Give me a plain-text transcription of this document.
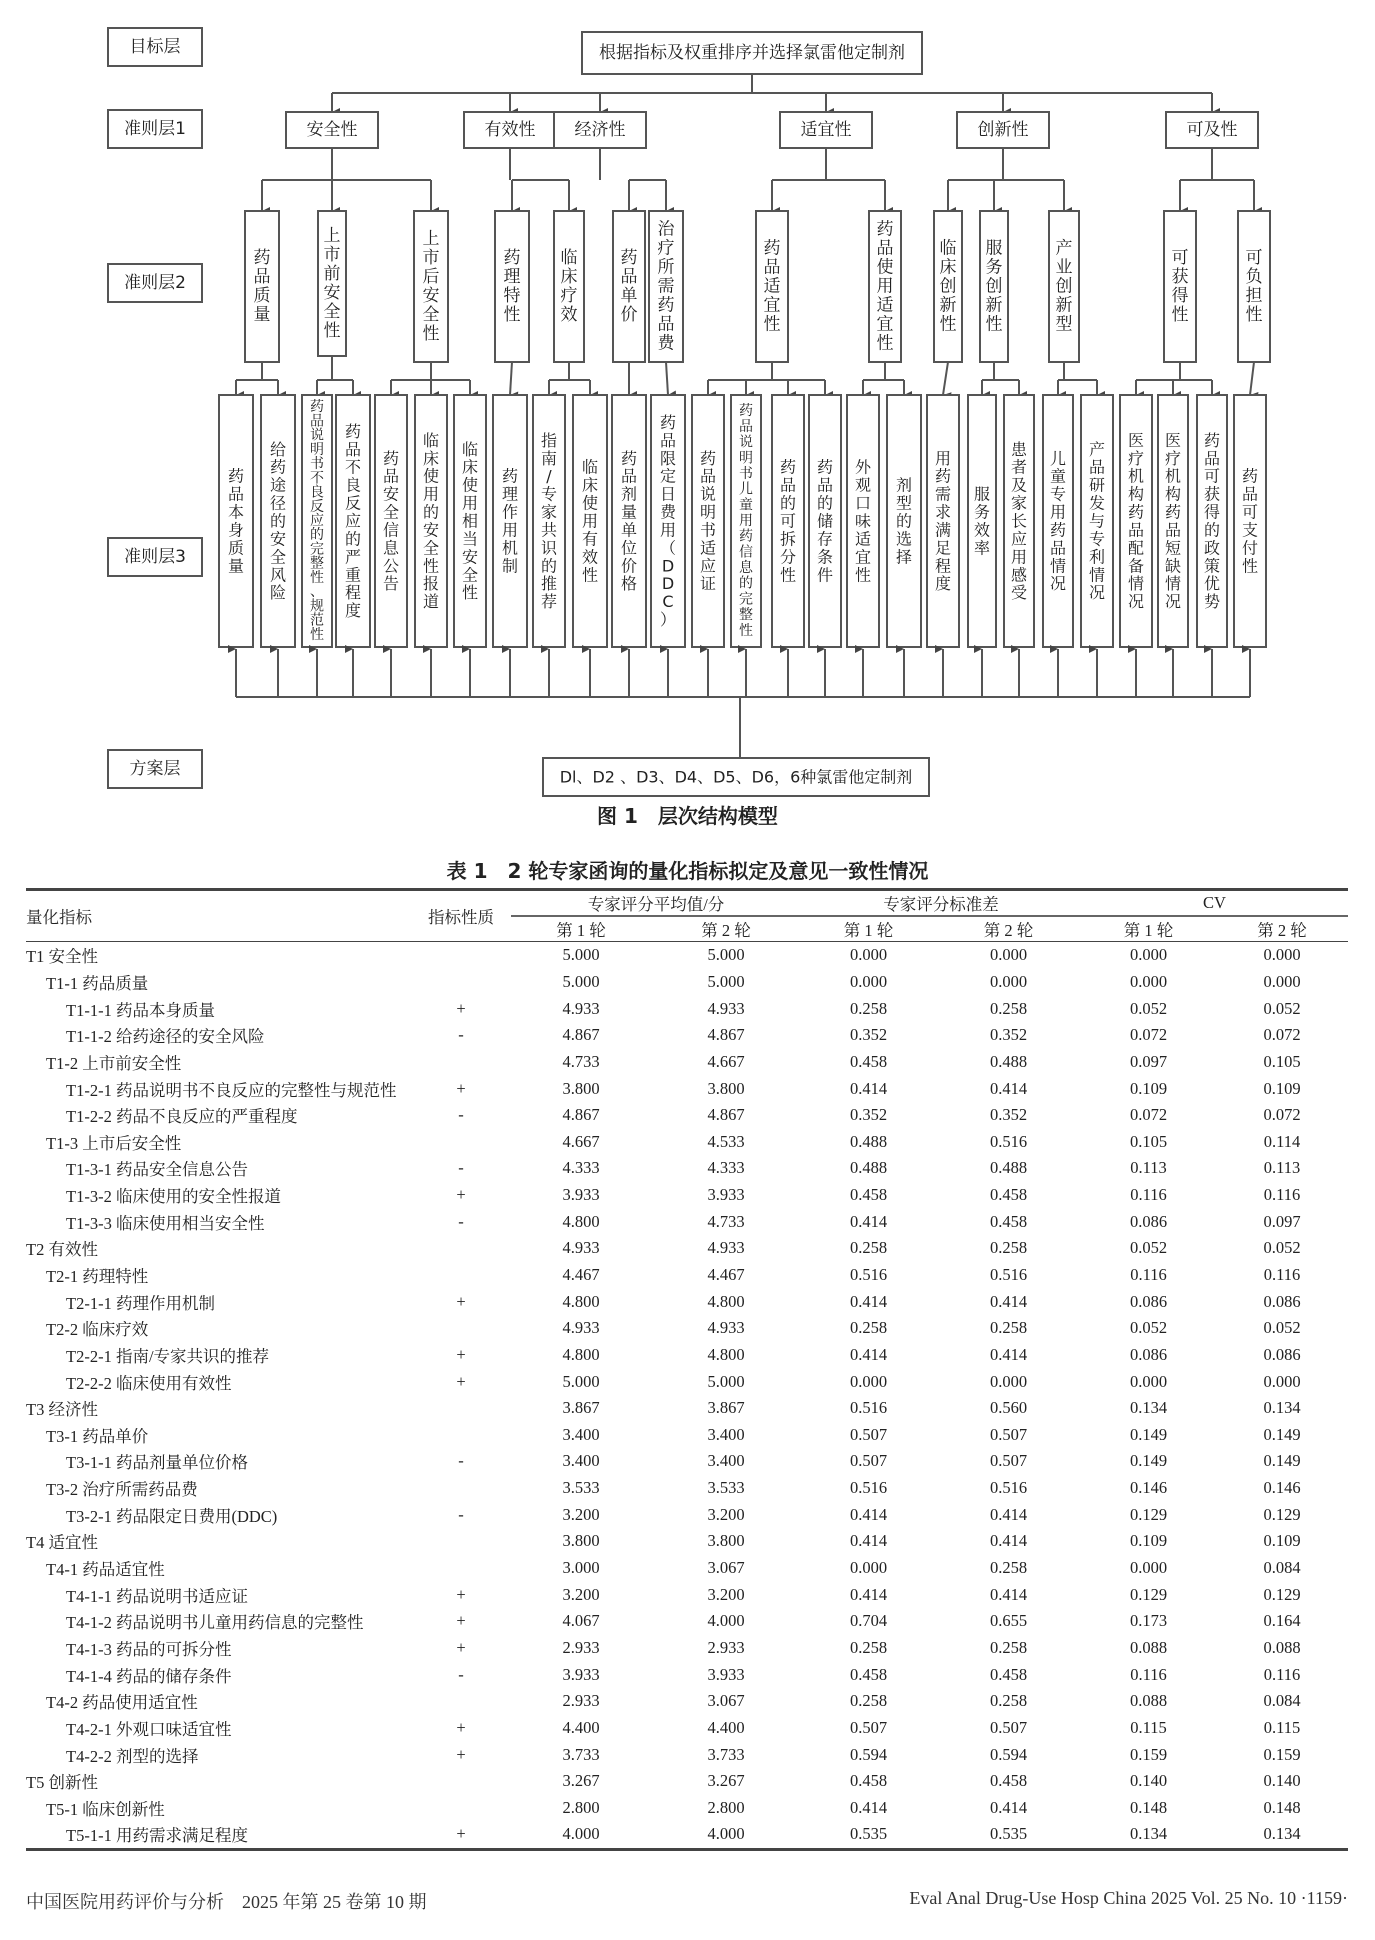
目标层
准则层1
准则层2
准则层3
方案层
根据指标及权重排序并选择氯雷他定制剂
安全性	有效性 经济性	适宜性	创新性	可及性
药
品
质
量
上
市
前
安
全
性
上
市
后
安
全
性
药
理
特
性
临
床
疗
效
药
品
单
价
治
疗
所
需
药
品
费
药
品
适
宜
性
药
品
使
用
适
宜
性
临
床
创
新
性
服
务
创
新
性
产
业
创
新
型
可
获
得
性
可
负
担
性
药
品
本
身
质
量
给
药
途
径
的
安
全
风
险
药
品
说
明
书
不
良
反
应
的
完
整
性
、
规
范
性
药
品
不
良
反
应
的
严
重
程
度
药
品
安
全
信
息
公
告
临
床
使
用
的
安
全
性
报
道
临
床
使
用
相
当
安
全
性
药
理
作
用
机
制
指
南
/
专
家
共
识
的
推
荐
临
床
使
用
有
效
性
药
品
剂
量
单
位
价
格
药
品
限
定
日
费
用
（
D
D
C
）
药
品
说
明
书
适
应
证
药
品
说
明
书
儿
童
用
药
信
息
的
完
整
性
药
品
的
可
拆
分
性
药
品
的
储
存
条
件
外
观
口
味
适
宜
性
剂
型
的
选
择
用
药
需
求
满
足
程
度
服
务
效
率
患
者
及
家
长
应
用
感
受
儿
童
专
用
药
品
情
况
产
品
研
发
与
专
利
情
况
医
疗
机
构
药
品
配
备
情
况
医
疗
机
构
药
品
短
缺
情
况
药
品
可
获
得
的
政
策
优
势
药
品
可
支
付
性
Dl、D2 、D3、D4、D5、D6，6种氯雷他定制剂
图 1　层次结构模型
表 1　2 轮专家函询的量化指标拟定及意见一致性情况
量化指标	指标性质	专家评分平均值/分		专家评分标准差		CV	
		第 1 轮	第 2 轮	第 1 轮	第 2 轮	第 1 轮	第 2 轮
T1 安全性		5.000	5.000	0.000	0.000	0.000	0.000
T1-1 药品质量		5.000	5.000	0.000	0.000	0.000	0.000
T1-1-1 药品本身质量	+	4.933	4.933	0.258	0.258	0.052	0.052
T1-1-2 给药途径的安全风险	-	4.867	4.867	0.352	0.352	0.072	0.072
T1-2 上市前安全性		4.733	4.667	0.458	0.488	0.097	0.105
T1-2-1 药品说明书不良反应的完整性与规范性	+	3.800	3.800	0.414	0.414	0.109	0.109
T1-2-2 药品不良反应的严重程度	-	4.867	4.867	0.352	0.352	0.072	0.072
T1-3 上市后安全性		4.667	4.533	0.488	0.516	0.105	0.114
T1-3-1 药品安全信息公告	-	4.333	4.333	0.488	0.488	0.113	0.113
T1-3-2 临床使用的安全性报道	+	3.933	3.933	0.458	0.458	0.116	0.116
T1-3-3 临床使用相当安全性	-	4.800	4.733	0.414	0.458	0.086	0.097
T2 有效性		4.933	4.933	0.258	0.258	0.052	0.052
T2-1 药理特性		4.467	4.467	0.516	0.516	0.116	0.116
T2-1-1 药理作用机制	+	4.800	4.800	0.414	0.414	0.086	0.086
T2-2 临床疗效		4.933	4.933	0.258	0.258	0.052	0.052
T2-2-1 指南/专家共识的推荐	+	4.800	4.800	0.414	0.414	0.086	0.086
T2-2-2 临床使用有效性	+	5.000	5.000	0.000	0.000	0.000	0.000
T3 经济性		3.867	3.867	0.516	0.560	0.134	0.134
T3-1 药品单价		3.400	3.400	0.507	0.507	0.149	0.149
T3-1-1 药品剂量单位价格	-	3.400	3.400	0.507	0.507	0.149	0.149
T3-2 治疗所需药品费		3.533	3.533	0.516	0.516	0.146	0.146
T3-2-1 药品限定日费用(DDC)	-	3.200	3.200	0.414	0.414	0.129	0.129
T4 适宜性		3.800	3.800	0.414	0.414	0.109	0.109
T4-1 药品适宜性		3.000	3.067	0.000	0.258	0.000	0.084
T4-1-1 药品说明书适应证	+	3.200	3.200	0.414	0.414	0.129	0.129
T4-1-2 药品说明书儿童用药信息的完整性	+	4.067	4.000	0.704	0.655	0.173	0.164
T4-1-3 药品的可拆分性	+	2.933	2.933	0.258	0.258	0.088	0.088
T4-1-4 药品的储存条件	-	3.933	3.933	0.458	0.458	0.116	0.116
T4-2 药品使用适宜性		2.933	3.067	0.258	0.258	0.088	0.084
T4-2-1 外观口味适宜性	+	4.400	4.400	0.507	0.507	0.115	0.115
T4-2-2 剂型的选择	+	3.733	3.733	0.594	0.594	0.159	0.159
T5 创新性		3.267	3.267	0.458	0.458	0.140	0.140
T5-1 临床创新性		2.800	2.800	0.414	0.414	0.148	0.148
T5-1-1 用药需求满足程度	+	4.000	4.000	0.535	0.535	0.134	0.134
中国医院用药评价与分析　2025 年第 25 卷第 10 期	Eval Anal Drug-Use Hosp China 2025 Vol. 25 No. 10 ·1159·
